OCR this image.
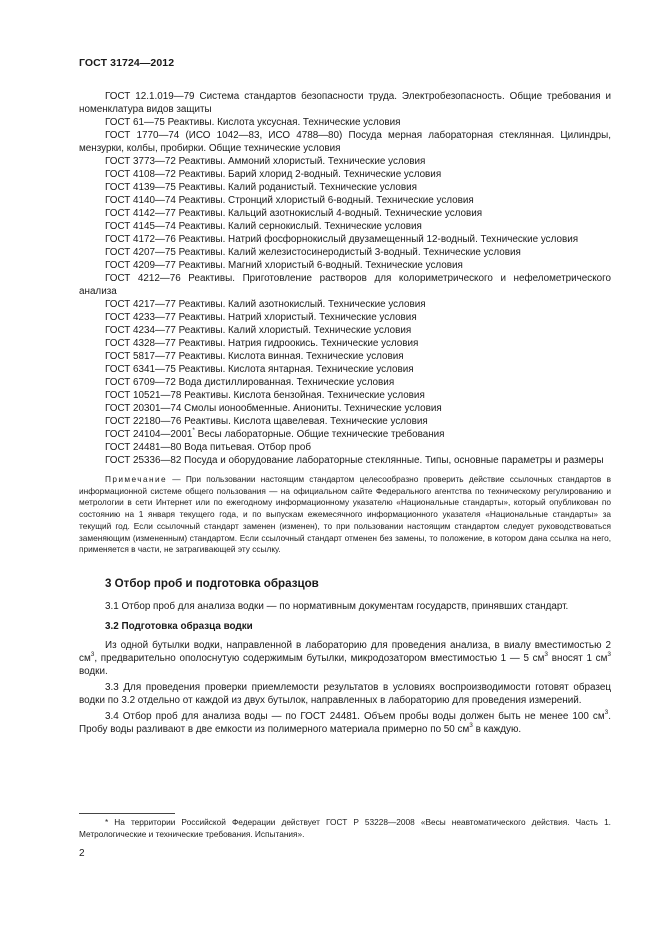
ГОСТ 31724—2012

ГОСТ 12.1.019—79 Система стандартов безопасности труда. Электробезопасность. Общие требования и номенклатура видов защиты

ГОСТ 61—75 Реактивы. Кислота уксусная. Технические условия

ГОСТ 1770—74 (ИСО 1042—83, ИСО 4788—80) Посуда мерная лабораторная стеклянная. Цилиндры, мензурки, колбы, пробирки. Общие технические условия

ГОСТ 3773—72 Реактивы. Аммоний хлористый. Технические условия

ГОСТ 4108—72 Реактивы. Барий хлорид 2-водный. Технические условия

ГОСТ 4139—75 Реактивы. Калий роданистый. Технические условия

ГОСТ 4140—74 Реактивы. Стронций хлористый 6-водный. Технические условия

ГОСТ 4142—77 Реактивы. Кальций азотнокислый 4-водный. Технические условия

ГОСТ 4145—74 Реактивы. Калий сернокислый. Технические условия

ГОСТ 4172—76 Реактивы. Натрий фосфорнокислый двузамещенный 12-водный. Технические условия

ГОСТ 4207—75 Реактивы. Калий железистосинеродистый 3-водный. Технические условия

ГОСТ 4209—77 Реактивы. Магний хлористый 6-водный. Технические условия

ГОСТ 4212—76 Реактивы. Приготовление растворов для колориметрического и нефелометрического анализа

ГОСТ 4217—77 Реактивы. Калий азотнокислый. Технические условия

ГОСТ 4233—77 Реактивы. Натрий хлористый. Технические условия

ГОСТ 4234—77 Реактивы. Калий хлористый. Технические условия

ГОСТ 4328—77 Реактивы. Натрия гидроокись. Технические условия

ГОСТ 5817—77 Реактивы. Кислота винная. Технические условия

ГОСТ 6341—75 Реактивы. Кислота янтарная. Технические условия

ГОСТ 6709—72 Вода дистиллированная. Технические условия

ГОСТ 10521—78 Реактивы. Кислота бензойная. Технические условия

ГОСТ 20301—74 Смолы ионообменные. Аниониты. Технические условия

ГОСТ 22180—76 Реактивы. Кислота щавелевая. Технические условия

ГОСТ 24104—2001* Весы лабораторные. Общие технические требования

ГОСТ 24481—80 Вода питьевая. Отбор проб

ГОСТ 25336—82 Посуда и оборудование лабораторные стеклянные. Типы, основные параметры и размеры

Примечание — При пользовании настоящим стандартом целесообразно проверить действие ссылочных стандартов в информационной системе общего пользования — на официальном сайте Федерального агентства по техническому регулированию и метрологии в сети Интернет или по ежегодному информационному указателю «Национальные стандарты», который опубликован по состоянию на 1 января текущего года, и по выпускам ежемесячного информационного указателя «Национальные стандарты» за текущий год. Если ссылочный стандарт заменен (изменен), то при пользовании настоящим стандартом следует руководствоваться заменяющим (измененным) стандартом. Если ссылочный стандарт отменен без замены, то положение, в котором дана ссылка на него, применяется в части, не затрагивающей эту ссылку.

3 Отбор проб и подготовка образцов

3.1 Отбор проб для анализа водки — по нормативным документам государств, принявших стандарт.

3.2 Подготовка образца водки

Из одной бутылки водки, направленной в лабораторию для проведения анализа, в виалу вместимостью 2 $см^3$, предварительно ополоснутую содержимым бутылки, микродозатором вместимостью 1 — 5 $см^3$ вносят 1 $см^3$ водки.

3.3 Для проведения проверки приемлемости результатов в условиях воспроизводимости готовят образец водки по 3.2 отдельно от каждой из двух бутылок, направленных в лабораторию для проведения измерений.

3.4 Отбор проб для анализа воды — по ГОСТ 24481. Объем пробы воды должен быть не менее 100 $см^3$. Пробу воды разливают в две емкости из полимерного материала примерно по 50 $см^3$ в каждую.

* На территории Российской Федерации действует ГОСТ Р 53228—2008 «Весы неавтоматического действия. Часть 1. Метрологические и технические требования. Испытания».
2
